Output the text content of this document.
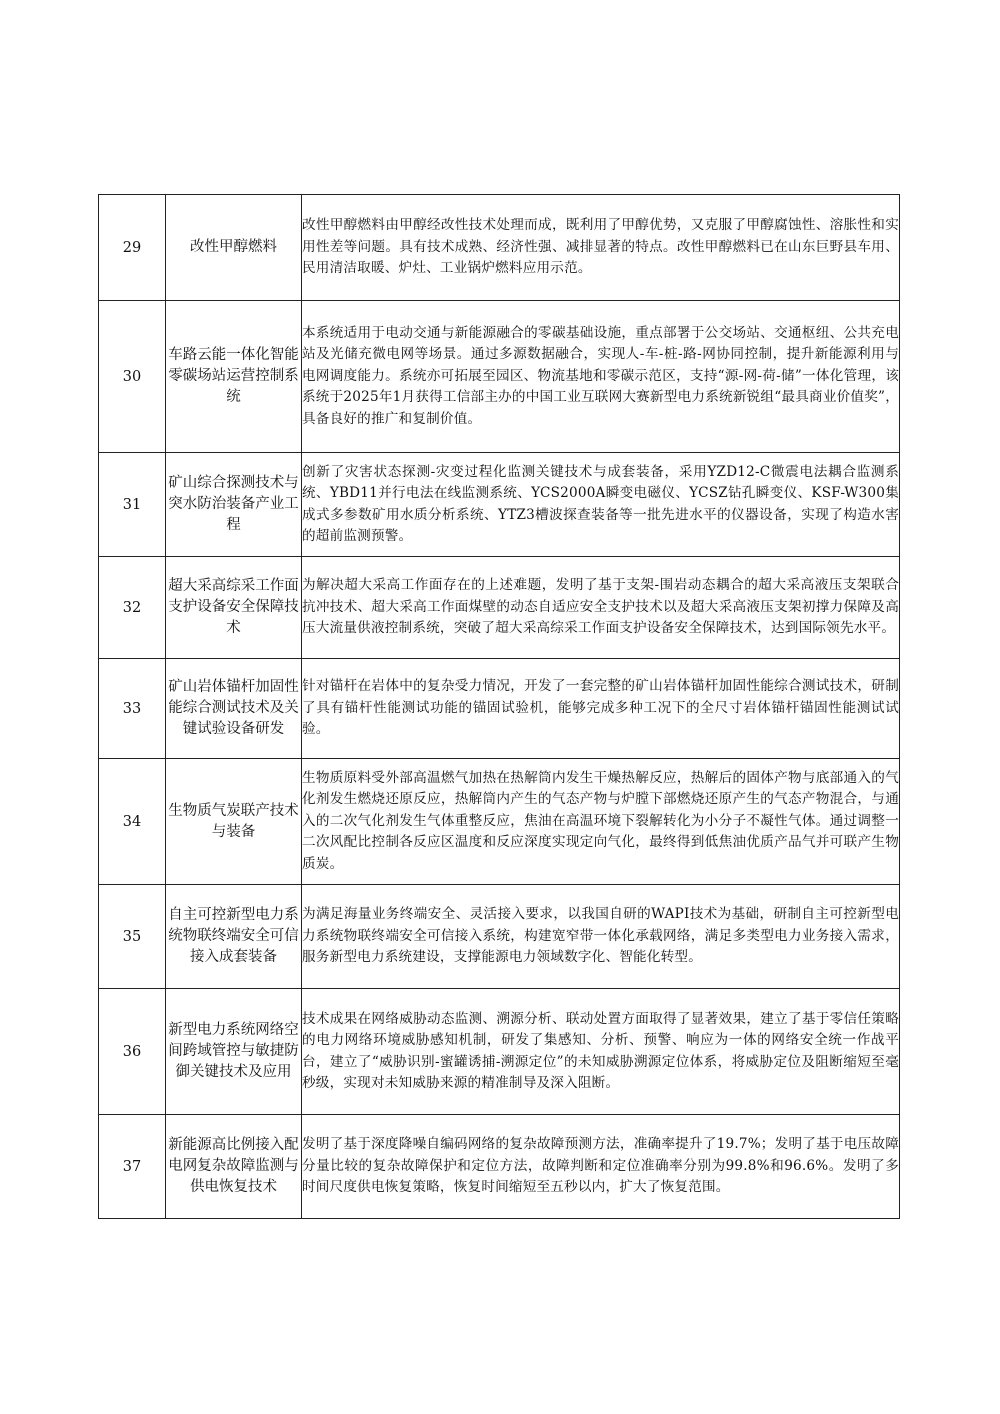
29	改性甲醇燃料	改性甲醇燃料由甲醇经改性技术处理而成，既利用了甲醇优势，又克服了甲醇腐蚀性、溶胀性和实用性差等问题。具有技术成熟、经济性强、减排显著的特点。改性甲醇燃料已在山东巨野县车用、民用清洁取暖、炉灶、工业锅炉燃料应用示范。

30	车路云能一体化智能零碳场站运营控制系统	本系统适用于电动交通与新能源融合的零碳基础设施，重点部署于公交场站、交通枢纽、公共充电站及光储充微电网等场景。通过多源数据融合，实现人-车-桩-路-网协同控制，提升新能源利用与电网调度能力。系统亦可拓展至园区、物流基地和零碳示范区，支持“源-网-荷-储”一体化管理，该系统于2025年1月获得工信部主办的中国工业互联网大赛新型电力系统新锐组“最具商业价值奖”，具备良好的推广和复制价值。

31	矿山综合探测技术与突水防治装备产业工程	创新了灾害状态探测-灾变过程化监测关键技术与成套装备，采用YZD12-C微震电法耦合监测系统、YBD11并行电法在线监测系统、YCS2000A瞬变电磁仪、YCSZ钻孔瞬变仪、KSF-W300集成式多参数矿用水质分析系统、YTZ3槽波探查装备等一批先进水平的仪器设备，实现了构造水害的超前监测预警。

32	超大采高综采工作面支护设备安全保障技术	为解决超大采高工作面存在的上述难题，发明了基于支架-围岩动态耦合的超大采高液压支架联合抗冲技术、超大采高工作面煤壁的动态自适应安全支护技术以及超大采高液压支架初撑力保障及高压大流量供液控制系统，突破了超大采高综采工作面支护设备安全保障技术，达到国际领先水平。

33	矿山岩体锚杆加固性能综合测试技术及关键试验设备研发	针对锚杆在岩体中的复杂受力情况，开发了一套完整的矿山岩体锚杆加固性能综合测试技术，研制了具有锚杆性能测试功能的锚固试验机，能够完成多种工况下的全尺寸岩体锚杆锚固性能测试试验。

34	生物质气炭联产技术与装备	生物质原料受外部高温燃气加热在热解筒内发生干燥热解反应，热解后的固体产物与底部通入的气化剂发生燃烧还原反应，热解筒内产生的气态产物与炉膛下部燃烧还原产生的气态产物混合，与通入的二次气化剂发生气体重整反应，焦油在高温环境下裂解转化为小分子不凝性气体。通过调整一二次风配比控制各反应区温度和反应深度实现定向气化，最终得到低焦油优质产品气并可联产生物质炭。

35	自主可控新型电力系统物联终端安全可信接入成套装备	为满足海量业务终端安全、灵活接入要求，以我国自研的WAPI技术为基础，研制自主可控新型电力系统物联终端安全可信接入系统，构建宽窄带一体化承载网络，满足多类型电力业务接入需求，服务新型电力系统建设，支撑能源电力领域数字化、智能化转型。

36	新型电力系统网络空间跨域管控与敏捷防御关键技术及应用	技术成果在网络威胁动态监测、溯源分析、联动处置方面取得了显著效果，建立了基于零信任策略的电力网络环境威胁感知机制，研发了集感知、分析、预警、响应为一体的网络安全统一作战平台，建立了“威胁识别-蜜罐诱捕-溯源定位”的未知威胁溯源定位体系，将威胁定位及阻断缩短至毫秒级，实现对未知威胁来源的精准制导及深入阻断。

37	新能源高比例接入配电网复杂故障监测与供电恢复技术	发明了基于深度降噪自编码网络的复杂故障预测方法，准确率提升了19.7%；发明了基于电压故障分量比较的复杂故障保护和定位方法，故障判断和定位准确率分别为99.8%和96.6%。发明了多时间尺度供电恢复策略，恢复时间缩短至五秒以内，扩大了恢复范围。
